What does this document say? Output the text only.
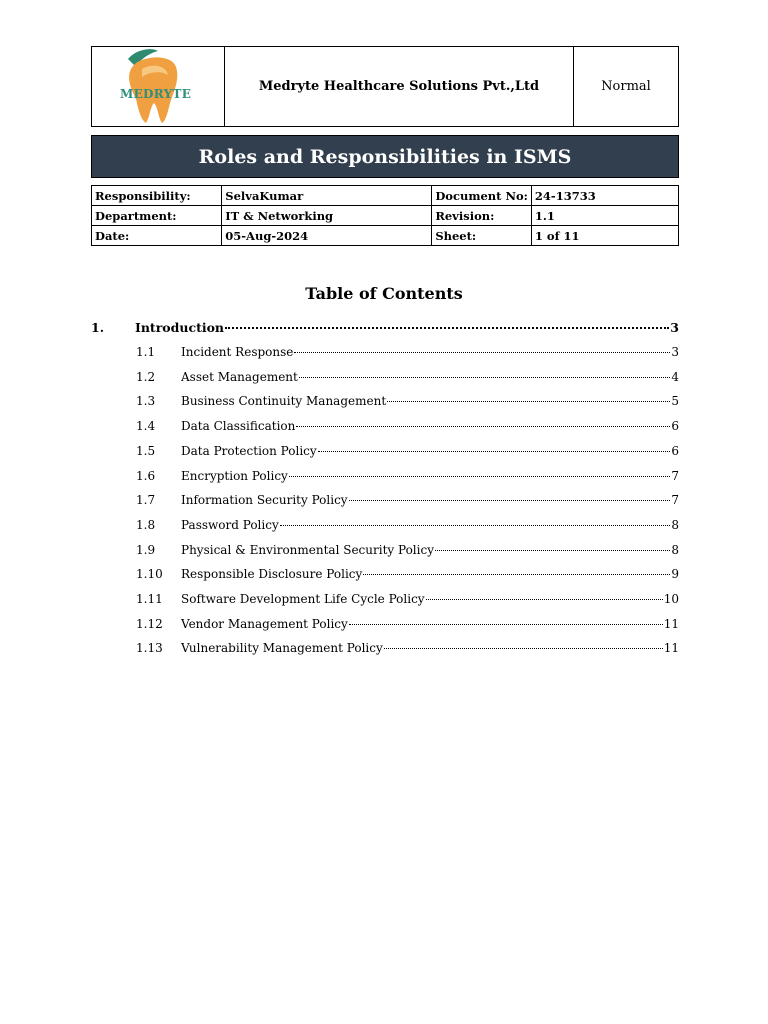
MEDRYTE	Medryte Healthcare Solutions Pvt.,Ltd	Normal
Roles and Responsibilities in ISMS
Responsibility:	SelvaKumar	Document No:	24-13733
Department:	IT & Networking	Revision:	1.1
Date:	05-Aug-2024	Sheet:	1 of 11
Table of Contents
1.	Introduction	3
1.1	Incident Response	3
1.2	Asset Management	4
1.3	Business Continuity Management	5
1.4	Data Classification	6
1.5	Data Protection Policy	6
1.6	Encryption Policy	7
1.7	Information Security Policy	7
1.8	Password Policy	8
1.9	Physical & Environmental Security Policy	8
1.10	Responsible Disclosure Policy	9
1.11	Software Development Life Cycle Policy	10
1.12	Vendor Management Policy	11
1.13	Vulnerability Management Policy	11
